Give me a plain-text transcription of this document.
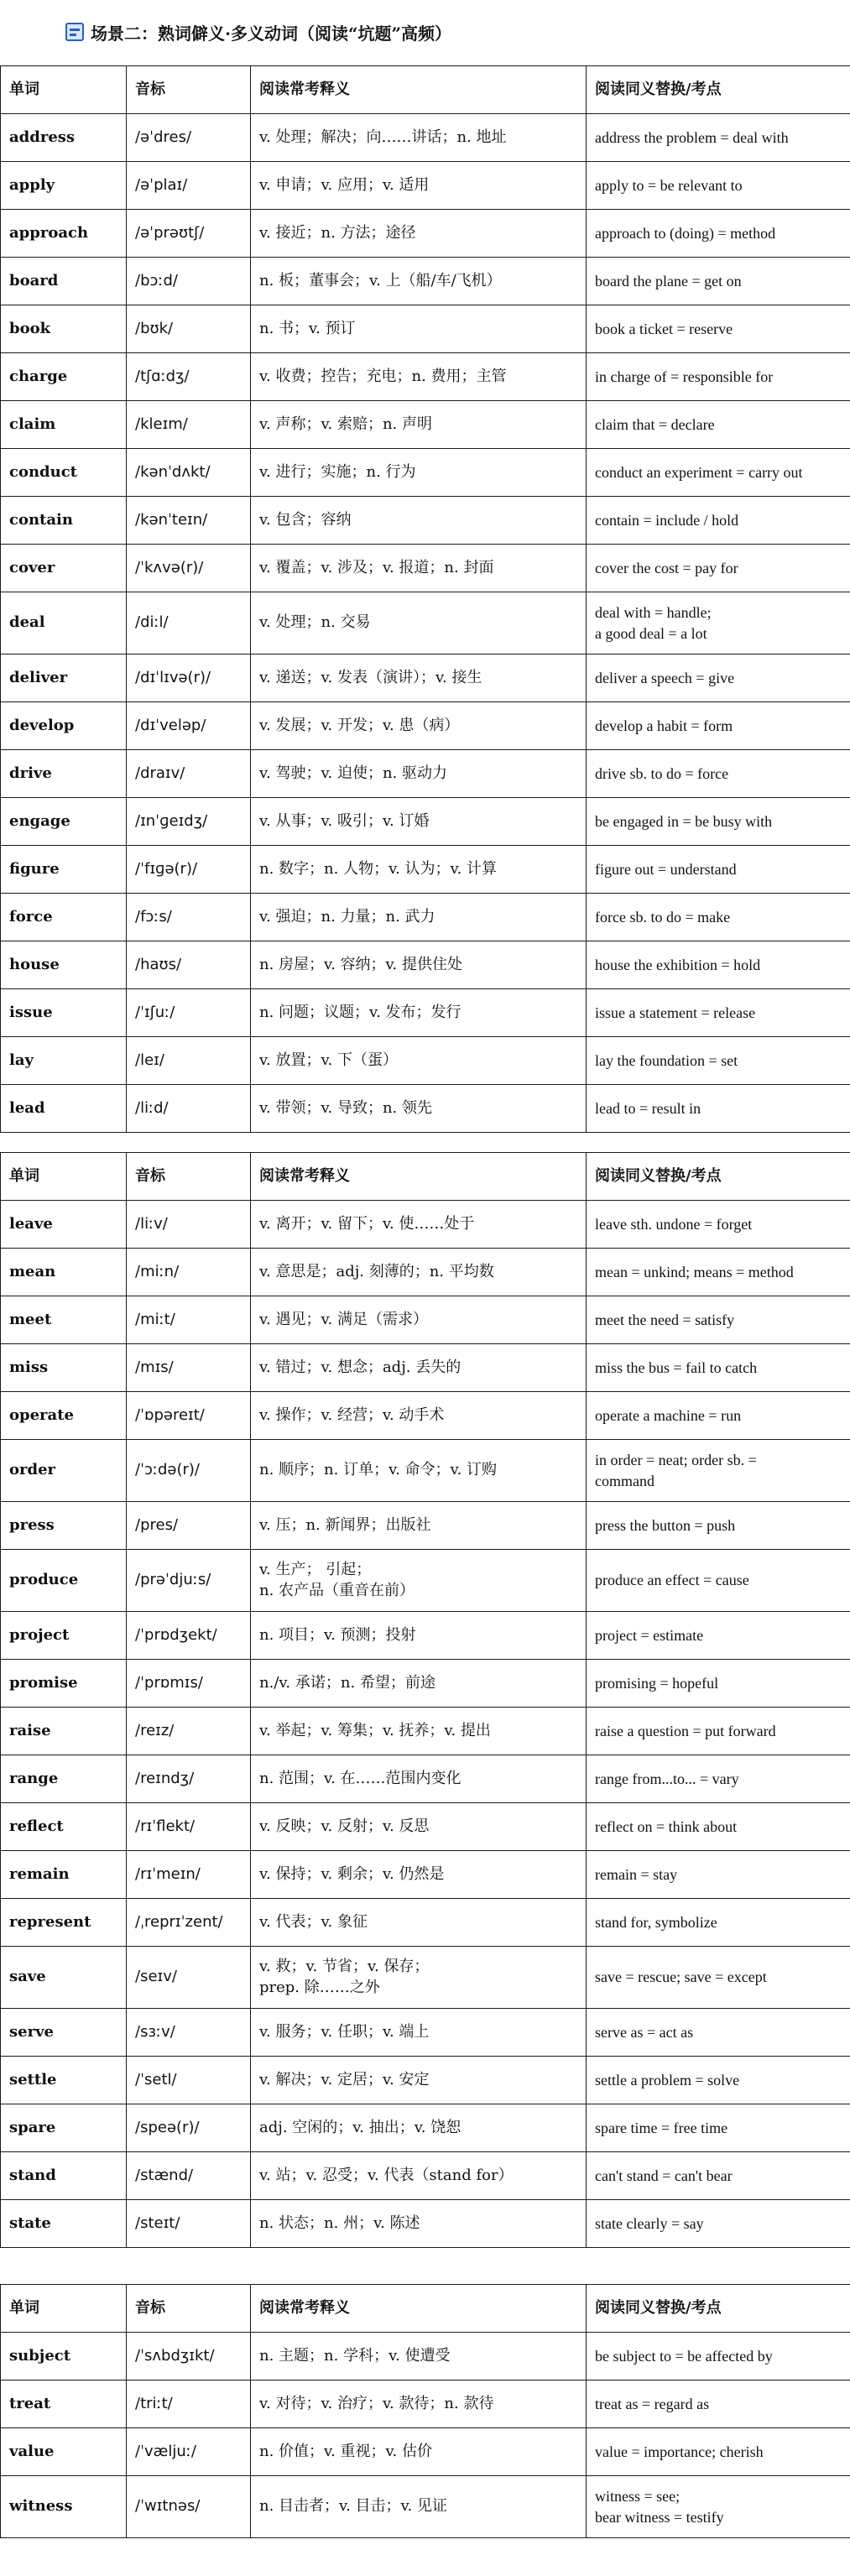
场景二：熟词僻义·多义动词（阅读“坑题”高频）
单词	音标	阅读常考释义	阅读同义替换/考点
address	/əˈdres/	v. 处理；解决；向……讲话；n. 地址	address the problem = deal with
apply	/əˈplaɪ/	v. 申请；v. 应用；v. 适用	apply to = be relevant to
approach	/əˈprəʊtʃ/	v. 接近；n. 方法；途径	approach to (doing) = method
board	/bɔːd/	n. 板；董事会；v. 上（船/车/飞机）	board the plane = get on
book	/bʊk/	n. 书；v. 预订	book a ticket = reserve
charge	/tʃɑːdʒ/	v. 收费；控告；充电；n. 费用；主管	in charge of = responsible for
claim	/kleɪm/	v. 声称；v. 索赔；n. 声明	claim that = declare
conduct	/kənˈdʌkt/	v. 进行；实施；n. 行为	conduct an experiment = carry out
contain	/kənˈteɪn/	v. 包含；容纳	contain = include / hold
cover	/ˈkʌvə(r)/	v. 覆盖；v. 涉及；v. 报道；n. 封面	cover the cost = pay for
deal	/diːl/	v. 处理；n. 交易	deal with = handle;
a good deal = a lot
deliver	/dɪˈlɪvə(r)/	v. 递送；v. 发表（演讲）；v. 接生	deliver a speech = give
develop	/dɪˈveləp/	v. 发展；v. 开发；v. 患（病）	develop a habit = form
drive	/draɪv/	v. 驾驶；v. 迫使；n. 驱动力	drive sb. to do = force
engage	/ɪnˈɡeɪdʒ/	v. 从事；v. 吸引；v. 订婚	be engaged in = be busy with
figure	/ˈfɪɡə(r)/	n. 数字；n. 人物；v. 认为；v. 计算	figure out = understand
force	/fɔːs/	v. 强迫；n. 力量；n. 武力	force sb. to do = make
house	/haʊs/	n. 房屋；v. 容纳；v. 提供住处	house the exhibition = hold
issue	/ˈɪʃuː/	n. 问题；议题；v. 发布；发行	issue a statement = release
lay	/leɪ/	v. 放置；v. 下（蛋）	lay the foundation = set
lead	/liːd/	v. 带领；v. 导致；n. 领先	lead to = result in
单词	音标	阅读常考释义	阅读同义替换/考点
leave	/liːv/	v. 离开；v. 留下；v. 使……处于	leave sth. undone = forget
mean	/miːn/	v. 意思是；adj. 刻薄的；n. 平均数	mean = unkind; means = method
meet	/miːt/	v. 遇见；v. 满足（需求）	meet the need = satisfy
miss	/mɪs/	v. 错过；v. 想念；adj. 丢失的	miss the bus = fail to catch
operate	/ˈɒpəreɪt/	v. 操作；v. 经营；v. 动手术	operate a machine = run
order	/ˈɔːdə(r)/	n. 顺序；n. 订单；v. 命令；v. 订购	in order = neat; order sb. =
command
press	/pres/	v. 压；n. 新闻界；出版社	press the button = push
produce	/prəˈdjuːs/	v. 生产； 引起；
n. 农产品（重音在前）	produce an effect = cause
project	/ˈprɒdʒekt/	n. 项目；v. 预测；投射	project = estimate
promise	/ˈprɒmɪs/	n./v. 承诺；n. 希望；前途	promising = hopeful
raise	/reɪz/	v. 举起；v. 筹集；v. 抚养；v. 提出	raise a question = put forward
range	/reɪndʒ/	n. 范围；v. 在……范围内变化	range from...to... = vary
reflect	/rɪˈflekt/	v. 反映；v. 反射；v. 反思	reflect on = think about
remain	/rɪˈmeɪn/	v. 保持；v. 剩余；v. 仍然是	remain = stay
represent	/ˌreprɪˈzent/	v. 代表；v. 象征	stand for, symbolize
save	/seɪv/	v. 救；v. 节省；v. 保存；
prep. 除……之外	save = rescue; save = except
serve	/sɜːv/	v. 服务；v. 任职；v. 端上	serve as = act as
settle	/ˈsetl/	v. 解决；v. 定居；v. 安定	settle a problem = solve
spare	/speə(r)/	adj. 空闲的；v. 抽出；v. 饶恕	spare time = free time
stand	/stænd/	v. 站；v. 忍受；v. 代表（stand for）	can't stand = can't bear
state	/steɪt/	n. 状态；n. 州；v. 陈述	state clearly = say
单词	音标	阅读常考释义	阅读同义替换/考点
subject	/ˈsʌbdʒɪkt/	n. 主题；n. 学科；v. 使遭受	be subject to = be affected by
treat	/triːt/	v. 对待；v. 治疗；v. 款待；n. 款待	treat as = regard as
value	/ˈvæljuː/	n. 价值；v. 重视；v. 估价	value = importance; cherish
witness	/ˈwɪtnəs/	n. 目击者；v. 目击；v. 见证	witness = see;
bear witness = testify
